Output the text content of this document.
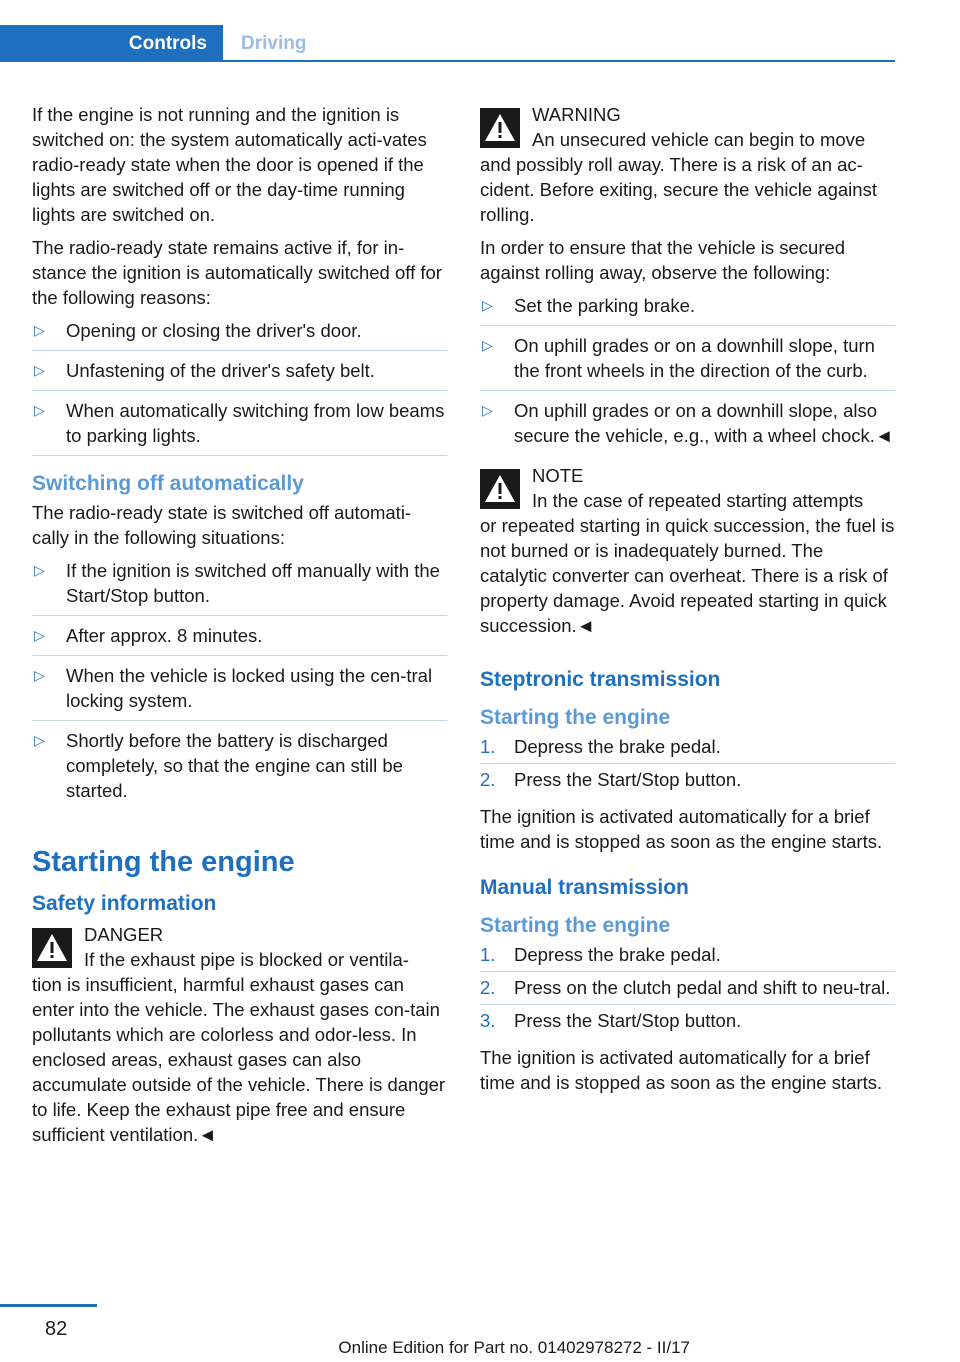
Controls Driving

If the engine is not running and the ignition is switched on: the system automatically acti‐vates radio-ready state when the door is opened if the lights are switched off or the day‐time running lights are switched on.

The radio-ready state remains active if, for in‐stance the ignition is automatically switched off for the following reasons:

▷ Opening or closing the driver's door.
▷ Unfastening of the driver's safety belt.
▷ When automatically switching from low beams to parking lights.
Switching off automatically

The radio-ready state is switched off automati‐cally in the following situations:

▷ If the ignition is switched off manually with the Start/Stop button.
▷ After approx. 8 minutes.
▷ When the vehicle is locked using the cen‐tral locking system.
▷ Shortly before the battery is discharged completely, so that the engine can still be started.
Starting the engine
Safety information
DANGER
If the exhaust pipe is blocked or ventila‐
tion is insufficient, harmful exhaust gases can enter into the vehicle. The exhaust gases con‐tain pollutants which are colorless and odor‐less. In enclosed areas, exhaust gases can also accumulate outside of the vehicle. There is danger to life. Keep the exhaust pipe free and ensure sufficient ventilation.◄
WARNING
An unsecured vehicle can begin to move
and possibly roll away. There is a risk of an ac‐cident. Before exiting, secure the vehicle against rolling.

In order to ensure that the vehicle is secured against rolling away, observe the following:

▷ Set the parking brake.
▷ On uphill grades or on a downhill slope, turn the front wheels in the direction of the curb.
▷ On uphill grades or on a downhill slope, also secure the vehicle, e.g., with a wheel chock.◄
NOTE
In the case of repeated starting attempts
or repeated starting in quick succession, the fuel is not burned or is inadequately burned. The catalytic converter can overheat. There is a risk of property damage. Avoid repeated starting in quick succession.◄
Steptronic transmission
Starting the engine
1. Depress the brake pedal.
2. Press the Start/Stop button.

The ignition is activated automatically for a brief time and is stopped as soon as the engine starts.

Manual transmission
Starting the engine
1. Depress the brake pedal.
2. Press on the clutch pedal and shift to neu‐tral.
3. Press the Start/Stop button.

The ignition is activated automatically for a brief time and is stopped as soon as the engine starts.

82
Online Edition for Part no. 01402978272 - II/17
